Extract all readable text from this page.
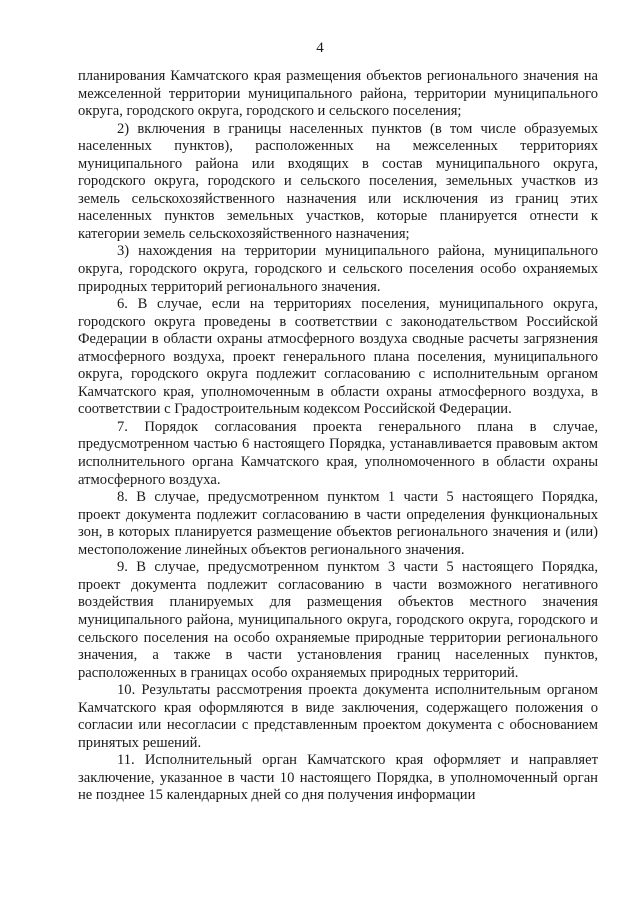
4

планирования Камчатского края размещения объектов регионального значения на межселенной территории муниципального района, территории муниципального округа, городского округа, городского и сельского поселения;

2) включения в границы населенных пунктов (в том числе образуемых населенных пунктов), расположенных на межселенных территориях муниципального района или входящих в состав муниципального округа, городского округа, городского и сельского поселения, земельных участков из земель сельскохозяйственного назначения или исключения из границ этих населенных пунктов земельных участков, которые планируется отнести к категории земель сельскохозяйственного назначения;

3) нахождения на территории муниципального района, муниципального округа, городского округа, городского и сельского поселения особо охраняемых природных территорий регионального значения.

6. В случае, если на территориях поселения, муниципального округа, городского округа проведены в соответствии с законодательством Российской Федерации в области охраны атмосферного воздуха сводные расчеты загрязнения атмосферного воздуха, проект генерального плана поселения, муниципального округа, городского округа подлежит согласованию с исполнительным органом Камчатского края, уполномоченным в области охраны атмосферного воздуха, в соответствии с Градостроительным кодексом Российской Федерации.

7. Порядок согласования проекта генерального плана в случае, предусмотренном частью 6 настоящего Порядка, устанавливается правовым актом исполнительного органа Камчатского края, уполномоченного в области охраны атмосферного воздуха.

8. В случае, предусмотренном пунктом 1 части 5 настоящего Порядка, проект документа подлежит согласованию в части определения функциональных зон, в которых планируется размещение объектов регионального значения и (или) местоположение линейных объектов регионального значения.

9. В случае, предусмотренном пунктом 3 части 5 настоящего Порядка, проект документа подлежит согласованию в части возможного негативного воздействия планируемых для размещения объектов местного значения муниципального района, муниципального округа, городского округа, городского и сельского поселения на особо охраняемые природные территории регионального значения, а также в части установления границ населенных пунктов, расположенных в границах особо охраняемых природных территорий.

10. Результаты рассмотрения проекта документа исполнительным органом Камчатского края оформляются в виде заключения, содержащего положения о согласии или несогласии с представленным проектом документа с обоснованием принятых решений.

11. Исполнительный орган Камчатского края оформляет и направляет заключение, указанное в части 10 настоящего Порядка, в уполномоченный орган не позднее 15 календарных дней со дня получения информации
